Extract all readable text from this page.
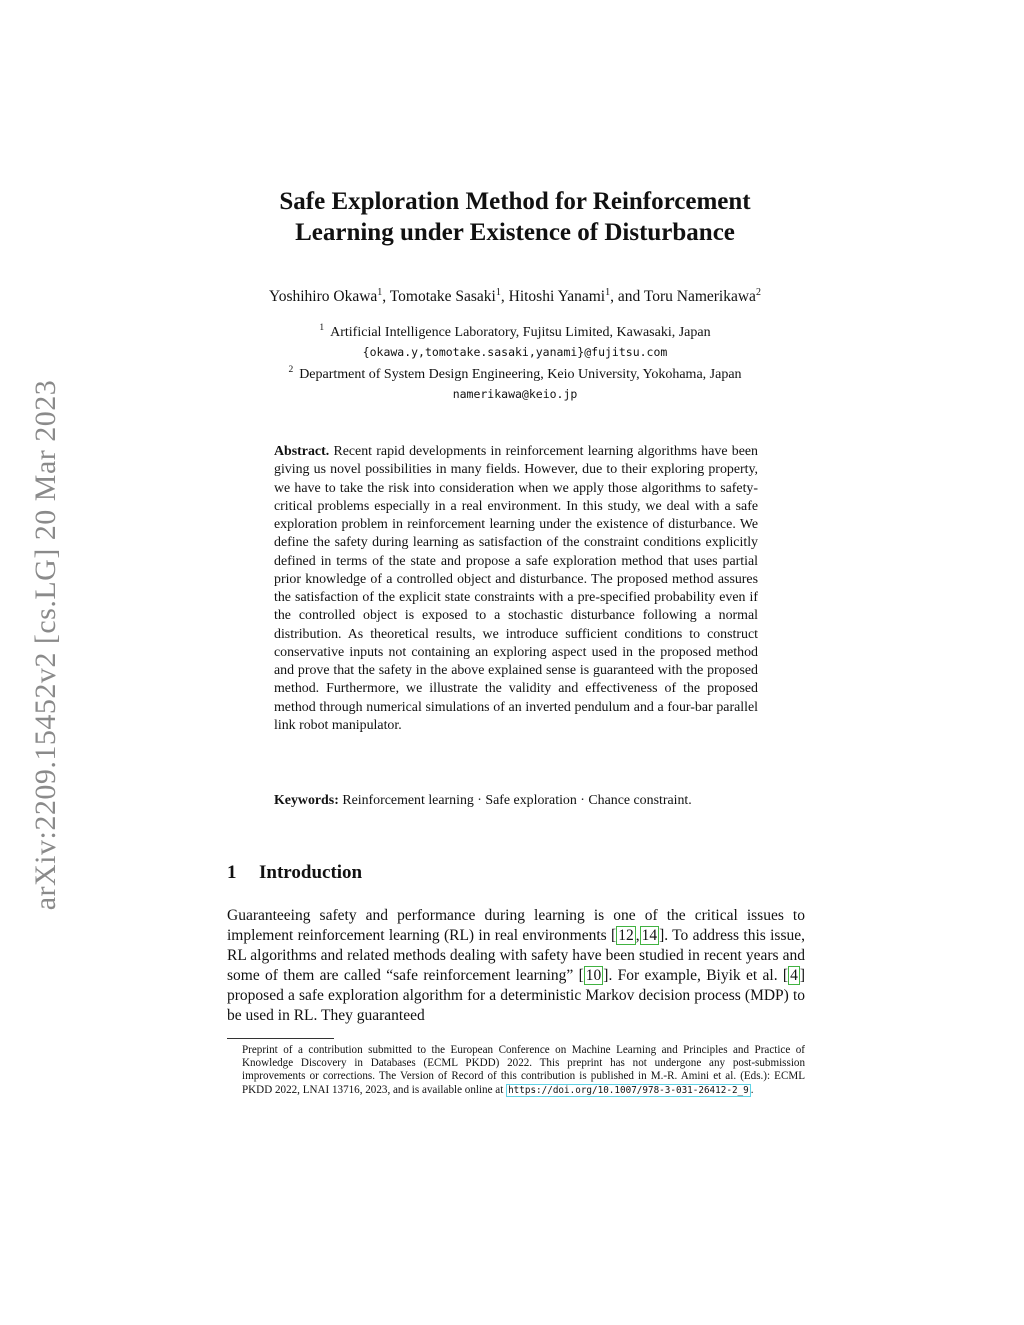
arXiv:2209.15452v2 [cs.LG] 20 Mar 2023
Safe Exploration Method for Reinforcement
Learning under Existence of Disturbance
Yoshihiro Okawa$^1$, Tomotake Sasaki$^1$, Hitoshi Yanami$^1$, and Toru Namerikawa$^2$
$^1$ Artificial Intelligence Laboratory, Fujitsu Limited, Kawasaki, Japan
{okawa.y,tomotake.sasaki,yanami}@fujitsu.com
$^2$ Department of System Design Engineering, Keio University, Yokohama, Japan
namerikawa@keio.jp
Abstract. Recent rapid developments in reinforcement learning algorithms have been giving us novel possibilities in many fields. However, due to their exploring property, we have to take the risk into consideration when we apply those algorithms to safety-critical problems especially in a real environment. In this study, we deal with a safe exploration problem in reinforcement learning under the existence of disturbance. We define the safety during learning as satisfaction of the constraint conditions explicitly defined in terms of the state and propose a safe exploration method that uses partial prior knowledge of a controlled object and disturbance. The proposed method assures the satisfaction of the explicit state constraints with a pre-specified probability even if the controlled object is exposed to a stochastic disturbance following a normal distribution. As theoretical results, we introduce sufficient conditions to construct conservative inputs not containing an exploring aspect used in the proposed method and prove that the safety in the above explained sense is guaranteed with the proposed method. Furthermore, we illustrate the validity and effectiveness of the proposed method through numerical simulations of an inverted pendulum and a four-bar parallel link robot manipulator.
Keywords: Reinforcement learning · Safe exploration · Chance constraint.
1 Introduction
Guaranteeing safety and performance during learning is one of the critical issues to implement reinforcement learning (RL) in real environments [ 12 , 14 ]. To address this issue, RL algorithms and related methods dealing with safety have been studied in recent years and some of them are called “safe reinforcement learning” [ 10 ]. For example, Biyik et al. [ 4 ] proposed a safe exploration algorithm for a deterministic Markov decision process (MDP) to be used in RL. They guaranteed
Preprint of a contribution submitted to the European Conference on Machine Learning and Principles and Practice of Knowledge Discovery in Databases (ECML PKDD) 2022. This preprint has not undergone any post-submission improvements or corrections. The Version of Record of this contribution is published in M.-R. Amini et al. (Eds.): ECML PKDD 2022, LNAI 13716, 2023, and is available online at https://doi.org/10.1007/978-3-031-26412-2_9 .
